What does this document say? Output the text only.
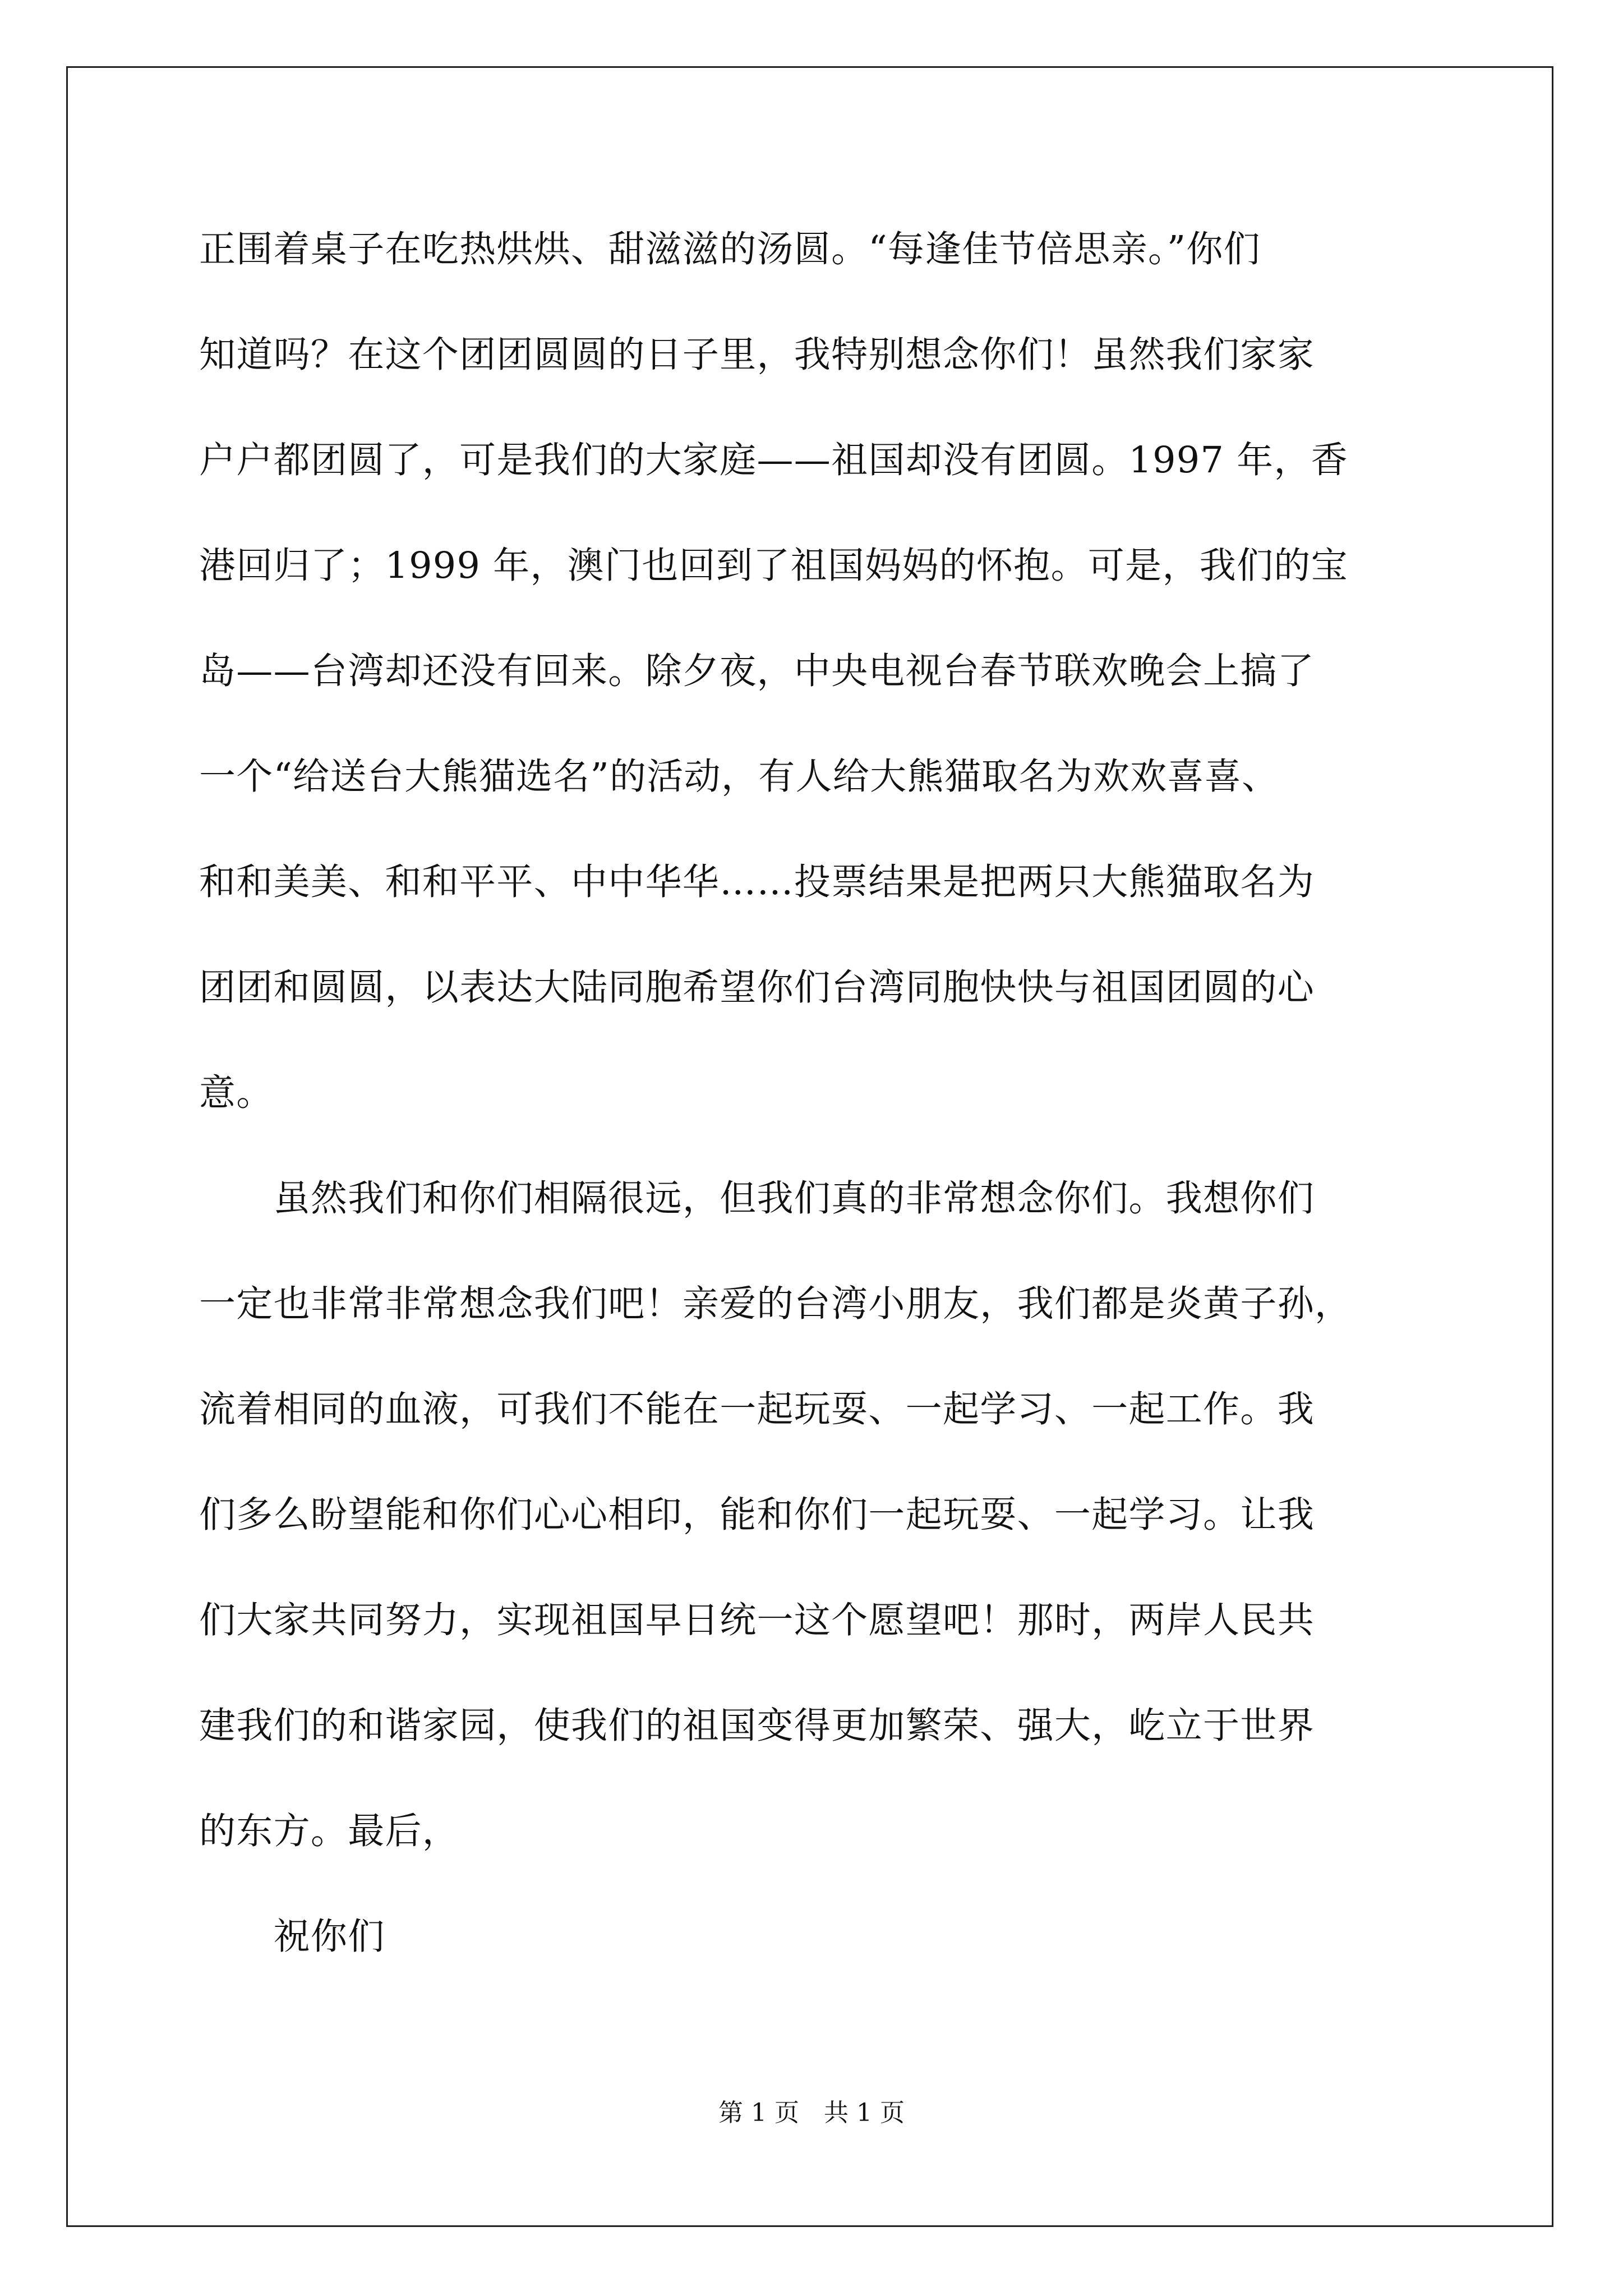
正围着桌子在吃热烘烘、甜滋滋的汤圆。“每逢佳节倍思亲。”你们
知道吗？在这个团团圆圆的日子里，我特别想念你们！虽然我们家家
户户都团圆了，可是我们的大家庭——祖国却没有团圆。1997 年，香
港回归了；1999 年，澳门也回到了祖国妈妈的怀抱。可是，我们的宝
岛——台湾却还没有回来。除夕夜，中央电视台春节联欢晚会上搞了
一个“给送台大熊猫选名”的活动，有人给大熊猫取名为欢欢喜喜、
和和美美、和和平平、中中华华……投票结果是把两只大熊猫取名为
团团和圆圆，以表达大陆同胞希望你们台湾同胞快快与祖国团圆的心
意。
　　虽然我们和你们相隔很远，但我们真的非常想念你们。我想你们
一定也非常非常想念我们吧！亲爱的台湾小朋友，我们都是炎黄子孙，
流着相同的血液，可我们不能在一起玩耍、一起学习、一起工作。我
们多么盼望能和你们心心相印，能和你们一起玩耍、一起学习。让我
们大家共同努力，实现祖国早日统一这个愿望吧！那时，两岸人民共
建我们的和谐家园，使我们的祖国变得更加繁荣、强大，屹立于世界
的东方。最后，
　　祝你们
第 1 页　共 1 页
